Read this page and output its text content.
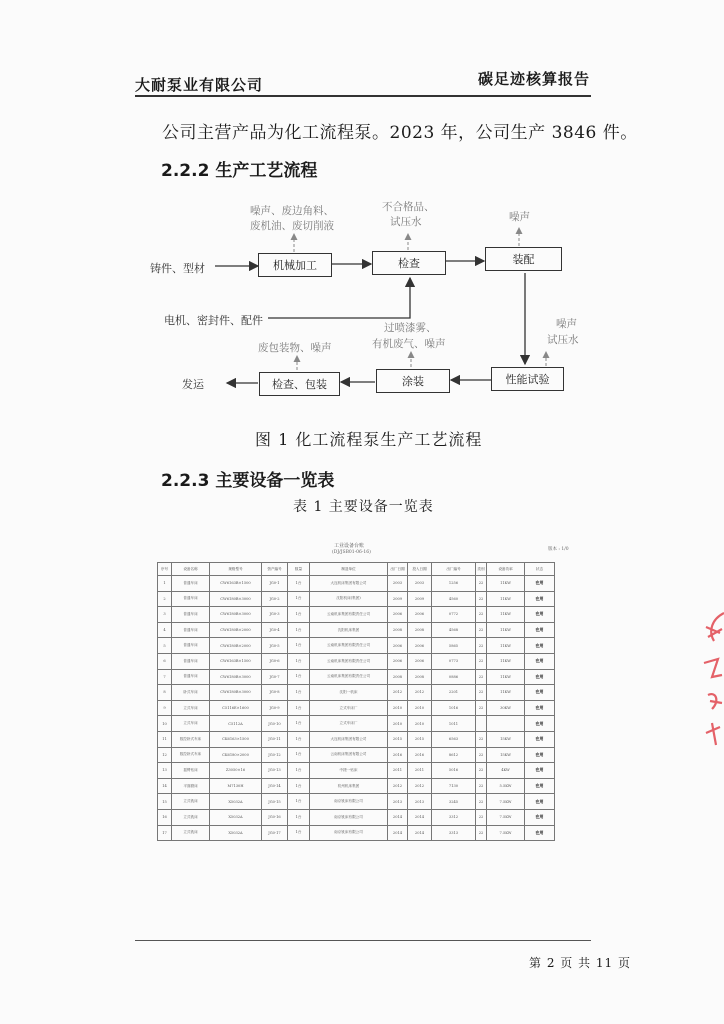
大耐泵业有限公司	碳足迹核算报告
公司主营产品为化工流程泵。2023 年，公司生产 3846 件。
2.2.2 生产工艺流程
机械加工	检查	装配
性能试验
涂装
检查、包装
铸件、型材
电机、密封件、配件
发运
噪声、废边角料、
废机油、废切削液
不合格品、
试压水	噪声
噪声
试压水
过喷漆雾、
有机废气、噪声
废包装物、噪声
图 1 化工流程泵生产工艺流程
2.2.3 主要设备一览表
表 1 主要设备一览表
工业设备台账
(DJ/JSB01-06-16)
版本 : 1/0
序号	设备名称	规格型号	资产编号	数量	制造单位	出厂日期	投入日期	出厂编号	类别	设备功率	状态
1	普通车床	CW6163B×1500	JG0-1	1台	大连机床集团有限公司	2003	2003	1256	22	11KW	在用
2	普通车床	CW6180B×3000	JG0-2	1台	沈阳机床(集团)	2009	2009	4560	22	11KW	在用
3	普通车床	CW6180B×3000	JG0-3	1台	云南机床集团有限责任公司	2006	2006	0772	22	11KW	在用
4	普通车床	CW6180B×2000	JG0-4	1台	沈阳机床集团	2008	2008	4568	22	11KW	在用
5	普通车床	CW6180B×2000	JG0-5	1台	云南机床集团有限责任公司	2006	2006	5865	22	11KW	在用
6	普通车床	CW6163B×1500	JG0-6	1台	云南机床集团有限责任公司	2006	2006	0773	22	11KW	在用
7	普通车床	CW6180B×3000	JG0-7	1台	云南机床集团有限责任公司	2008	2008	0886	22	11KW	在用
8	卧式车床	CW6180B×3000	JG0-8	1台	沈阳一机床	2012	2012	2201	22	11KW	在用
9	立式车床	C5116E×1600	JG0-9	1台	立式车床厂	2010	2010	1016	22	30KW	在用
10	立式车床	C5112A	JG0-10	1台	立式车床厂	2010	2010	1011			在用
11	数控卧式车床	CK6163×1500	JG0-11	1台	大连机床集团有限公司	2015	2015	6563	22	15KW	在用
12	数控卧式车床	CK6180×2000	JG0-12	1台	云南机床集团有限公司	2016	2016	8612	22	15KW	在用
13	摇臂钻床	Z3050×16	JG0-13	1台	中捷一钻床	2011	2011	5016	22	4KW	在用
14	平面磨床	M7130H	JG0-14	1台	杭州机床集团	2012	2012	7130	22	5.5KW	在用
15	立式铣床	X5032A	JG0-15	1台	南京铣床有限公司	2013	2013	3245	22	7.5KW	在用
16	立式铣床	X5032A	JG0-16	1台	南京铣床有限公司	2014	2014	3312	22	7.5KW	在用
17	立式铣床	X5032A	JG0-17	1台	南京铣床有限公司	2014	2014	3313	22	7.5KW	在用
第 2 页 共 11 页
